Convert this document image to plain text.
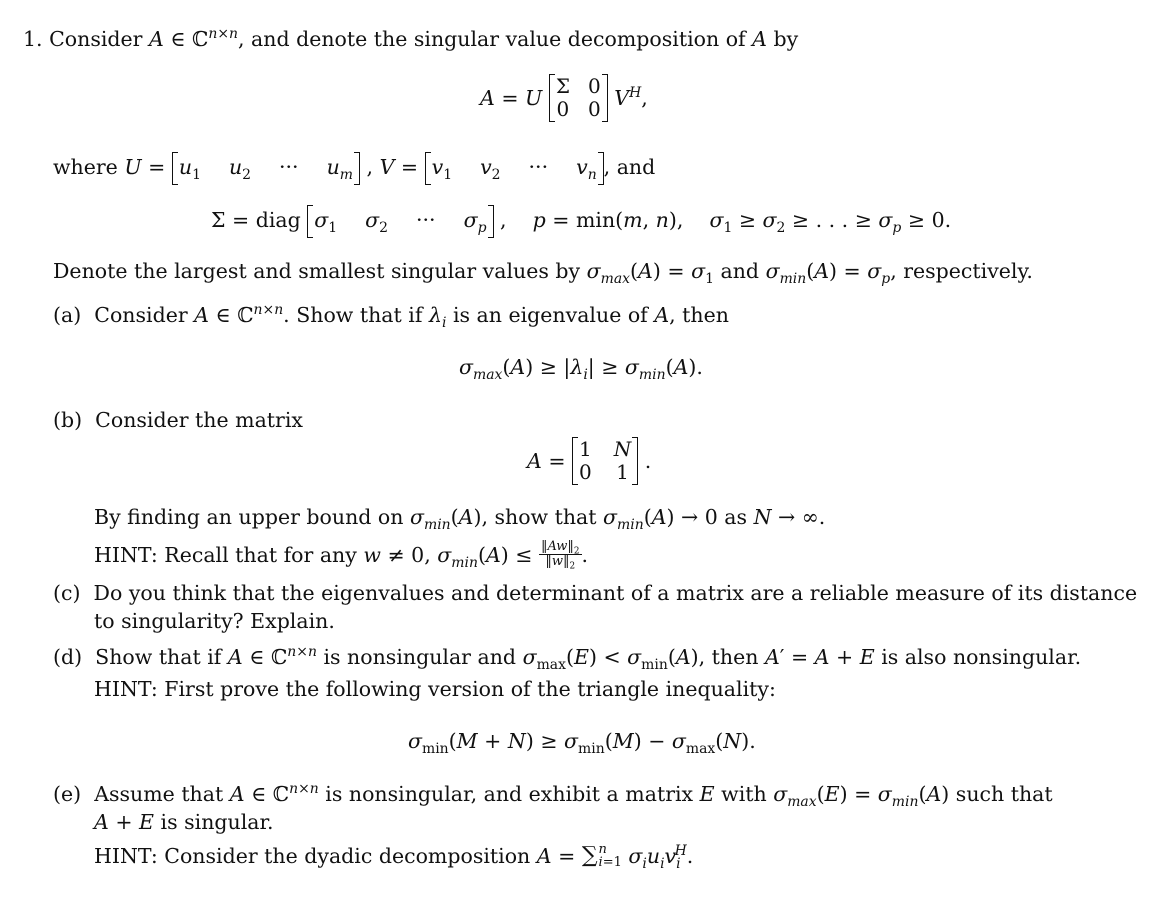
1. Consider A ∈ ℂ$^{n\times n}$, and denote the singular value decomposition of A by
A = U Σ 0
0 0 $V^H$,
where $U = u_1$ $u_2$ ··· $u_m$ , $V = v_1$ $v_2$ ··· $v_n$ , and
Σ = diag $\sigma_1$ $\sigma_2$ ··· $\sigma_p$ ,    p = min(m, n),    $\sigma_1 \ge \sigma_2$ ≥ . . . ≥ $\sigma_p \ge 0$.
Denote the largest and smallest singular values by $\sigma_{max}(A) = \sigma_1$ and $\sigma_{min}(A) = \sigma_p$, respectively.
(a) Consider A ∈ ℂ$^{n\times n}$. Show that if $\lambda_i$ is an eigenvalue of A, then
$\sigma_{max}(A) \ge |\lambda_i| \ge \sigma_{min}(A)$.
(b) Consider the matrix
A = 1 N
0 1 .
By finding an upper bound on $\sigma_{min}(A)$, show that $\sigma_{min}(A) \to 0$ as N → ∞.
HINT: Recall that for any
w ≠ 0 ,
$\sigma_{min}(A) \le \frac{‖Aw‖_2}{‖w‖_2}$ .
(c) Do you think that the eigenvalues and determinant of a matrix are a reliable measure of its distance
to singularity? Explain.
(d) Show that if A ∈ ℂ$^{n\times n}$ is nonsingular and $\sigma_{max}(E) < \sigma_{min}(A)$, then A′ = A + E is also nonsingular.
HINT: First prove the following version of the triangle inequality:
$\sigma_{min}(M + N) \ge \sigma_{min}(M) - \sigma_{max}(N)$.
(e) Assume that A ∈ ℂ$^{n\times n}$ is nonsingular, and exhibit a matrix E with $\sigma_{max}(E) = \sigma_{min}(A)$ such that
A + E is singular.
HINT: Consider the dyadic decomposition
A = ∑ n
i=1 $\sigma_iu_iv_i^H$.
